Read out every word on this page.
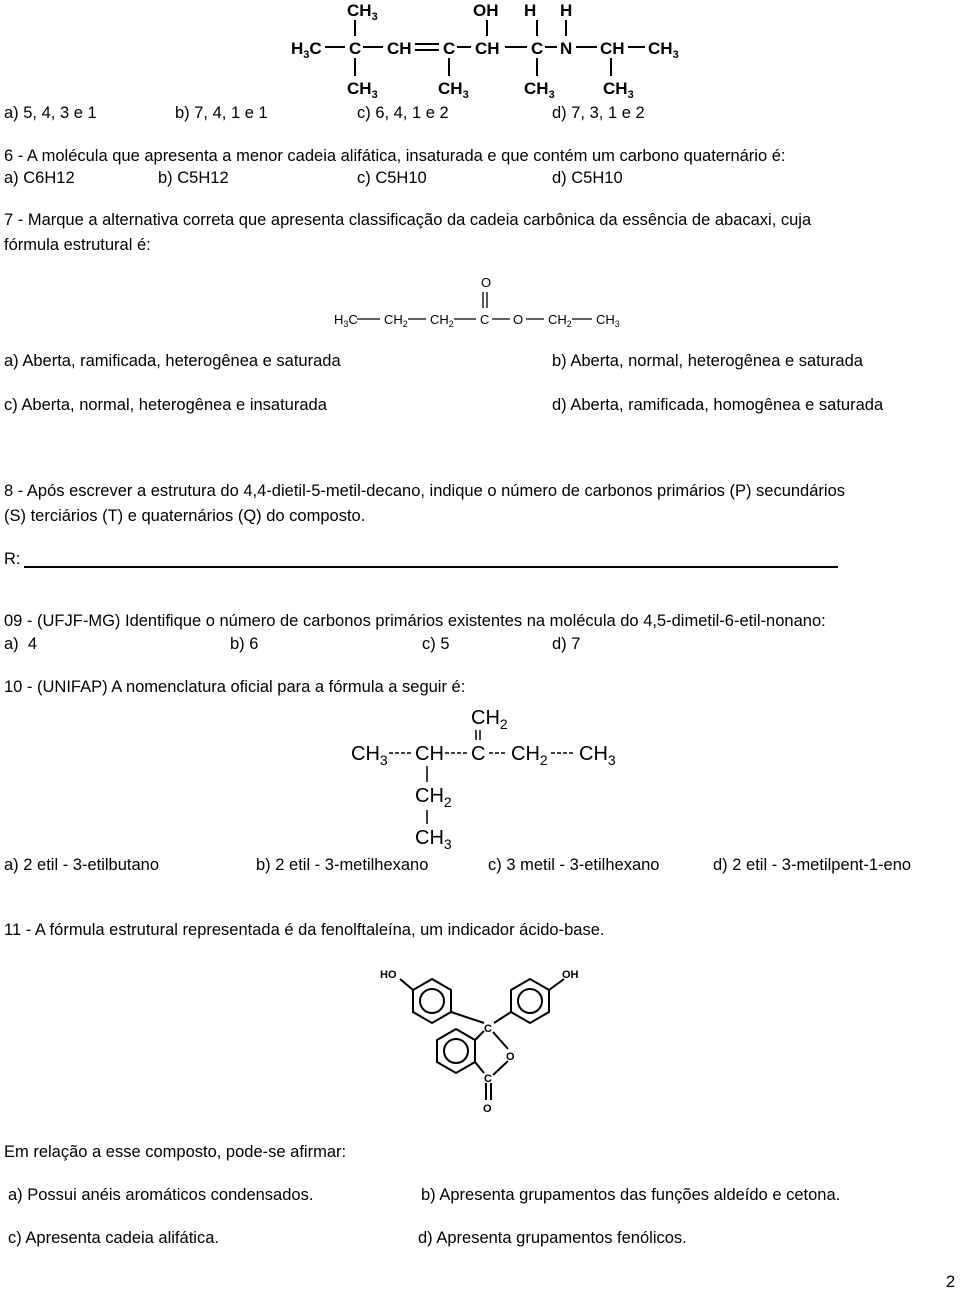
$CH_3$
$H_3C$ C CH C CH C N CH $CH_3$
OH H H
$CH_3$	$CH_3$	$CH_3$	$CH_3$
a) 5, 4, 3 e 1	b) 7, 4, 1 e 1	c) 6, 4, 1 e 2	d) 7, 3, 1 e 2
6 - A molécula que apresenta a menor cadeia alifática, insaturada e que contém um carbono quaternário é:
a) C6H12	b) C5H12	c) C5H10	d) C5H10
7 - Marque a alternativa correta que apresenta classificação da cadeia carbônica da essência de abacaxi, cuja
fórmula estrutural é:
O
$H_3C$ $CH_2$ $CH_2$ C O $CH_2$ $CH_3$
a) Aberta, ramificada, heterogênea e saturada	b) Aberta, normal, heterogênea e saturada
c) Aberta, normal, heterogênea e insaturada	d) Aberta, ramificada, homogênea e saturada
8 - Após escrever a estrutura do 4,4-dietil-5-metil-decano, indique o número de carbonos primários (P) secundários
(S) terciários (T) e quaternários (Q) do composto.
R:
09 - (UFJF-MG) Identifique o número de carbonos primários existentes na molécula do 4,5-dimetil-6-etil-nonano:
a)  4	b) 6	c) 5	d) 7
10 - (UNIFAP) A nomenclatura oficial para a fórmula a seguir é:
$CH_2$
$CH_3$ CH C $CH_2$ $CH_3$
$CH_2$
$CH_3$
a) 2 etil - 3-etilbutano	b) 2 etil - 3-metilhexano	c) 3 metil - 3-etilhexano	d) 2 etil - 3-metilpent-1-eno
11 - A fórmula estrutural representada é da fenolftaleína, um indicador ácido-base.
HO	OH
C
O
C
O
Em relação a esse composto, pode-se afirmar:
a) Possui anéis aromáticos condensados.	b) Apresenta grupamentos das funções aldeído e cetona.
c) Apresenta cadeia alifática.	d) Apresenta grupamentos fenólicos.
2
